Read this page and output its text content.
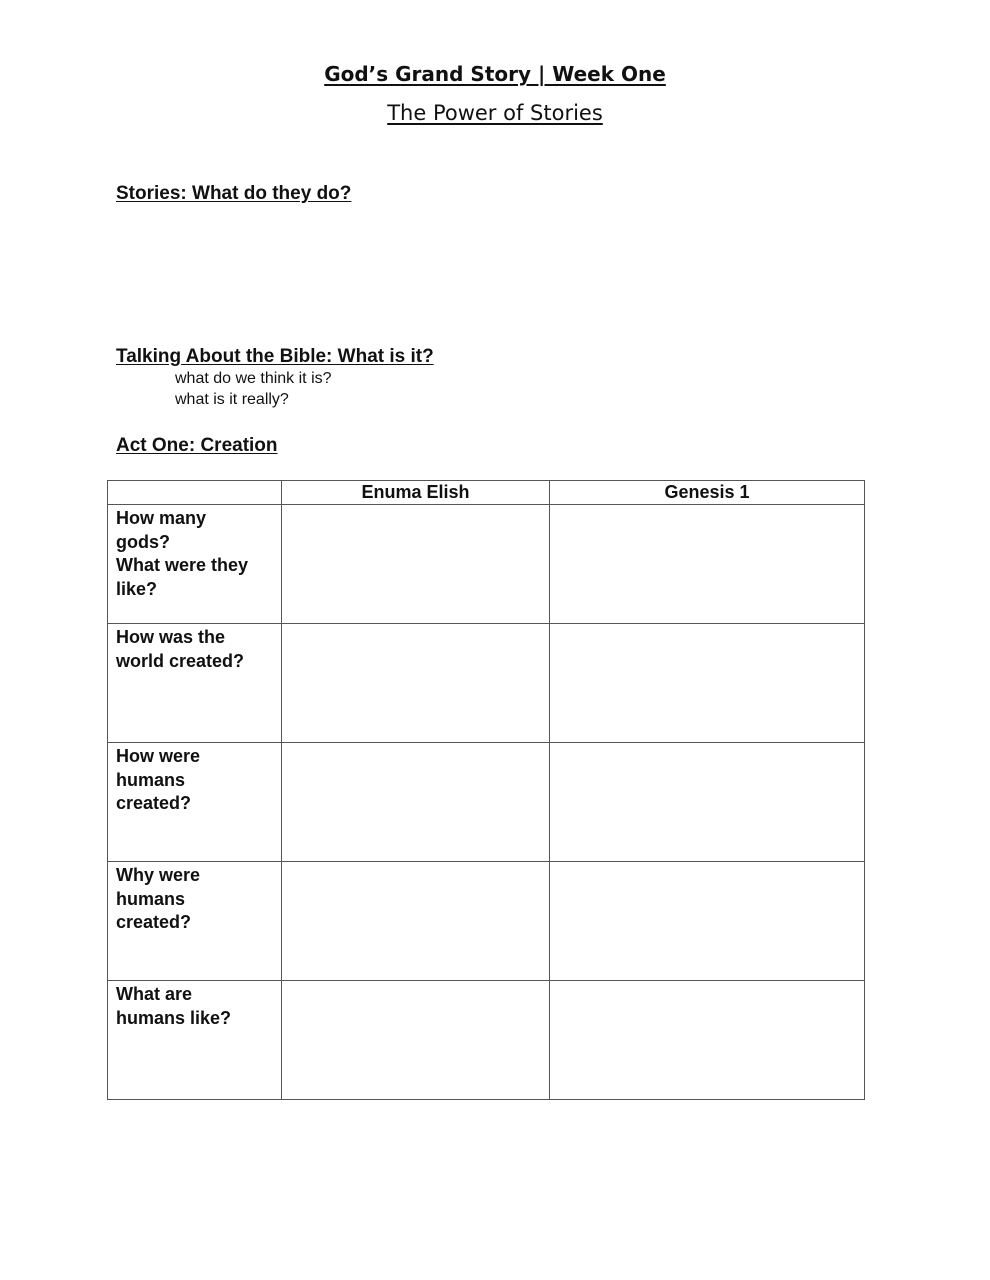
God’s Grand Story | Week One
The Power of Stories
Stories: What do they do?
Talking About the Bible: What is it?
what do we think it is?
what is it really?
Act One: Creation
	Enuma Elish	Genesis 1

How many
gods?
What were they
like?		

How was the
world created?		

How were
humans
created?		

Why were
humans
created?		

What are
humans like?		
